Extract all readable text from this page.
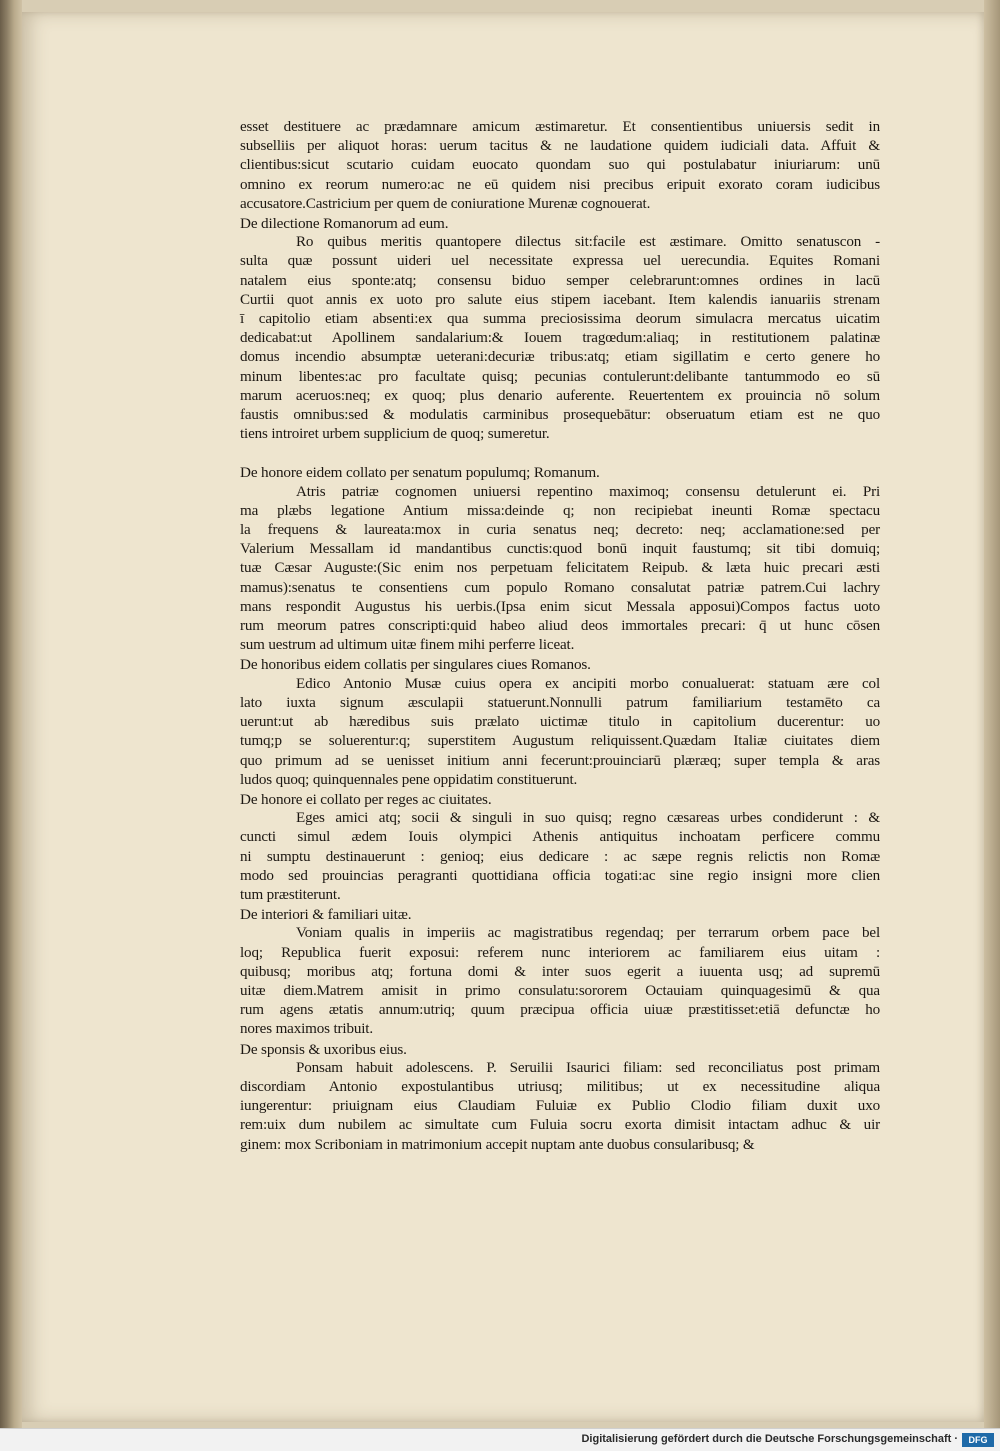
esset destituere ac prædamnare amicum æstimaretur. Et consentientibus uniuersis sedit in

subselliis per aliquot horas: uerum tacitus & ne laudatione quidem iudiciali data. Affuit &

clientibus:sicut scutario cuidam euocato quondam suo qui postulabatur iniuriarum: unū

omnino ex reorum numero:ac ne eū quidem nisi precibus eripuit exorato coram iudicibus

accusatore.Castricium per quem de coniuratione Murenæ cognouerat.

De dilectione Romanorum ad eum.

Ro quibus meritis quantopere dilectus sit:facile est æstimare. Omitto senatuscon -

sulta quæ possunt uideri uel necessitate expressa uel uerecundia. Equites Romani

natalem eius sponte:atq; consensu biduo semper celebrarunt:omnes ordines in lacū

Curtii quot annis ex uoto pro salute eius stipem iacebant. Item kalendis ianuariis strenam

ī capitolio etiam absenti:ex qua summa preciosissima deorum simulacra mercatus uicatim

dedicabat:ut Apollinem sandalarium:& Iouem tragœdum:aliaq; in restitutionem palatinæ

domus incendio absumptæ ueterani:decuriæ tribus:atq; etiam sigillatim e certo genere ho

minum libentes:ac pro facultate quisq; pecunias contulerunt:delibante tantummodo eo sū

marum aceruos:neq; ex quoq; plus denario auferente. Reuertentem ex prouincia nō solum

faustis omnibus:sed & modulatis carminibus prosequebātur: obseruatum etiam est ne quo

tiens introiret urbem supplicium de quoq; sumeretur.

De honore eidem collato per senatum populumq; Romanum.

Atris patriæ cognomen uniuersi repentino maximoq; consensu detulerunt ei. Pri

ma plæbs legatione Antium missa:deinde q; non recipiebat ineunti Romæ spectacu

la frequens & laureata:mox in curia senatus neq; decreto: neq; acclamatione:sed per

Valerium Messallam id mandantibus cunctis:quod bonū inquit faustumq; sit tibi domuiq;

tuæ Cæsar Auguste:(Sic enim nos perpetuam felicitatem Reipub. & læta huic precari æsti

mamus):senatus te consentiens cum populo Romano consalutat patriæ patrem.Cui lachry

mans respondit Augustus his uerbis.(Ipsa enim sicut Messala apposui)Compos factus uoto

rum meorum patres conscripti:quid habeo aliud deos immortales precari: q̄ ut hunc cōsen

sum uestrum ad ultimum uitæ finem mihi perferre liceat.

De honoribus eidem collatis per singulares ciues Romanos.

Edico Antonio Musæ cuius opera ex ancipiti morbo conualuerat: statuam ære col

lato iuxta signum æsculapii statuerunt.Nonnulli patrum familiarium testamēto ca

uerunt:ut ab hæredibus suis prælato uictimæ titulo in capitolium ducerentur: uo

tumq;p se soluerentur:q; superstitem Augustum reliquissent.Quædam Italiæ ciuitates diem

quo primum ad se uenisset initium anni fecerunt:prouinciarū plæræq; super templa & aras

ludos quoq; quinquennales pene oppidatim constituerunt.

De honore ei collato per reges ac ciuitates.

Eges amici atq; socii & singuli in suo quisq; regno cæsareas urbes condiderunt : &

cuncti simul ædem Iouis olympici Athenis antiquitus inchoatam perficere commu

ni sumptu destinauerunt : genioq; eius dedicare : ac sæpe regnis relictis non Romæ

modo sed prouincias peragranti quottidiana officia togati:ac sine regio insigni more clien

tum præstiterunt.

De interiori & familiari uitæ.

Voniam qualis in imperiis ac magistratibus regendaq; per terrarum orbem pace bel

loq; Republica fuerit exposui: referem nunc interiorem ac familiarem eius uitam :

quibusq; moribus atq; fortuna domi & inter suos egerit a iuuenta usq; ad supremū

uitæ diem.Matrem amisit in primo consulatu:sororem Octauiam quinquagesimū & qua

rum agens ætatis annum:utriq; quum præcipua officia uiuæ præstitisset:etiā defunctæ ho

nores maximos tribuit.

De sponsis & uxoribus eius.

Ponsam habuit adolescens. P. Seruilii Isaurici filiam: sed reconciliatus post primam

discordiam Antonio expostulantibus utriusq; militibus; ut ex necessitudine aliqua

iungerentur: priuignam eius Claudiam Fuluiæ ex Publio Clodio filiam duxit uxo

rem:uix dum nubilem ac simultate cum Fuluia socru exorta dimisit intactam adhuc & uir

ginem: mox Scriboniam in matrimonium accepit nuptam ante duobus consularibusq; &

Digitalisierung gefördert durch die Deutsche Forschungsgemeinschaft ·	DFG
